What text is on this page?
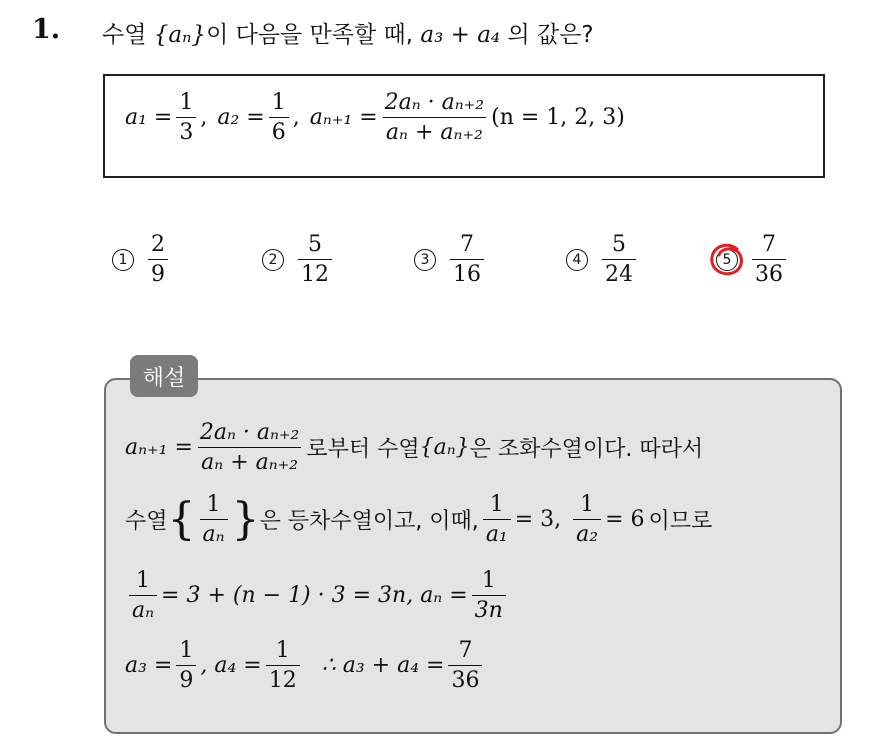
1. 수열 {aₙ}이 다음을 만족할 때, a₃ + a₄ 의 값은?
$a_1 = \frac{1}{3}$ , $a_2 = \frac{1}{6}$ , $a_{n+1} = \frac{\text{2aₙ · aₙ₊₂}}{\text{aₙ + aₙ₊₂}} (n = 1$, 2, 3)
$1 \frac{2}{9}$	$2 \frac{5}{12}$	$3 \frac{7}{16}$	$4 \frac{5}{24}$	$5 \frac{7}{36}$
해설
$a_{n+1} = \frac{\text{2aₙ · aₙ₊₂}}{\text{aₙ + aₙ₊₂}}$ 로부터 수열 {aₙ} 은 조화수열이다. 따라서
수열 { $\frac{1}{\text{aₙ}}$ } 은 등차수열이고, 이때, $\frac{1}{\text{a₁}} = 3$, $\frac{1}{\text{a₂}} = 6$ 이므로
$\frac{1}{\text{aₙ}} = 3 + (n - 1) \cdot 3 = 3n$, $a_n = \frac{1}{3n}$
$a_3 = \frac{1}{9}$ , $a_4 = \frac{1}{12}$ ∴ $a_3 + a_4 = \frac{7}{36}$
